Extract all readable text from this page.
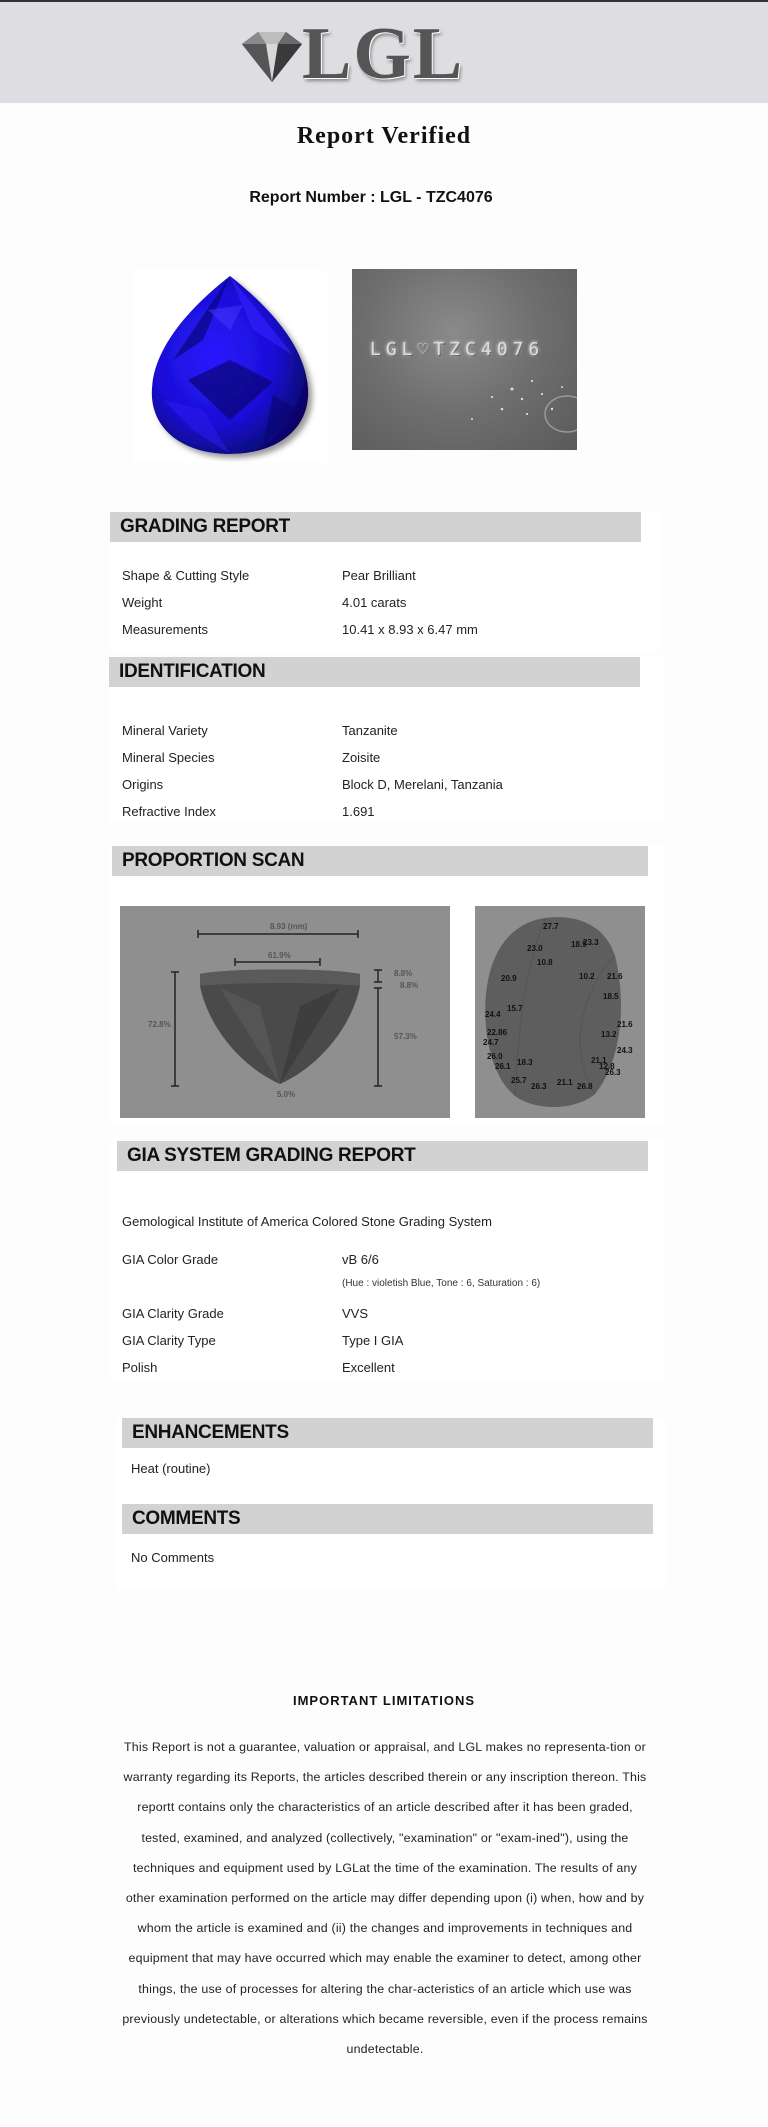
LGL
Report Verified
Report Number : LGL - TZC4076
LGL♡TZC4076
GRADING REPORT
Shape & Cutting Style	Pear Brilliant
Weight	4.01 carats
Measurements	10.41 x 8.93 x 6.47 mm
IDENTIFICATION
Mineral Variety	Tanzanite
Mineral Species	Zoisite
Origins	Block D, Merelani, Tanzania
Refractive Index	1.691
PROPORTION SCAN
8.93 (mm)
61.9%
72.8%
8.8%
8.8%
57.3%
5.0%
27.7
23.3
18.9
23.0
10.8
10.2 21.6
20.9
18.5
15.7
24.4
21.6
13.2
22.86
24.7
24.3
26.0
18.3	21.1
12.8
26.3
26.1
25.7
26.3 21.1 26.8
GIA SYSTEM GRADING REPORT
Gemological Institute of America Colored Stone Grading System
GIA Color Grade	vB 6/6
(Hue : violetish Blue, Tone : 6, Saturation : 6)
GIA Clarity Grade	VVS
GIA Clarity Type	Type I GIA
Polish	Excellent
ENHANCEMENTS
Heat (routine)
COMMENTS
No Comments
IMPORTANT LIMITATIONS
This Report is not a guarantee, valuation or appraisal, and LGL makes no representa-tion or warranty regarding its Reports, the articles described therein or any inscription thereon. This reportt contains only the characteristics of an article described after it has been graded, tested, examined, and analyzed (collectively, "examination" or "exam-ined"), using the techniques and equipment used by LGLat the time of the examination. The results of any other examination performed on the article may differ depending upon (i) when, how and by whom the article is examined and (ii) the changes and improvements in techniques and equipment that may have occurred which may enable the examiner to detect, among other things, the use of processes for altering the char-acteristics of an article which use was previously undetectable, or alterations which became reversible, even if the process remains undetectable.
